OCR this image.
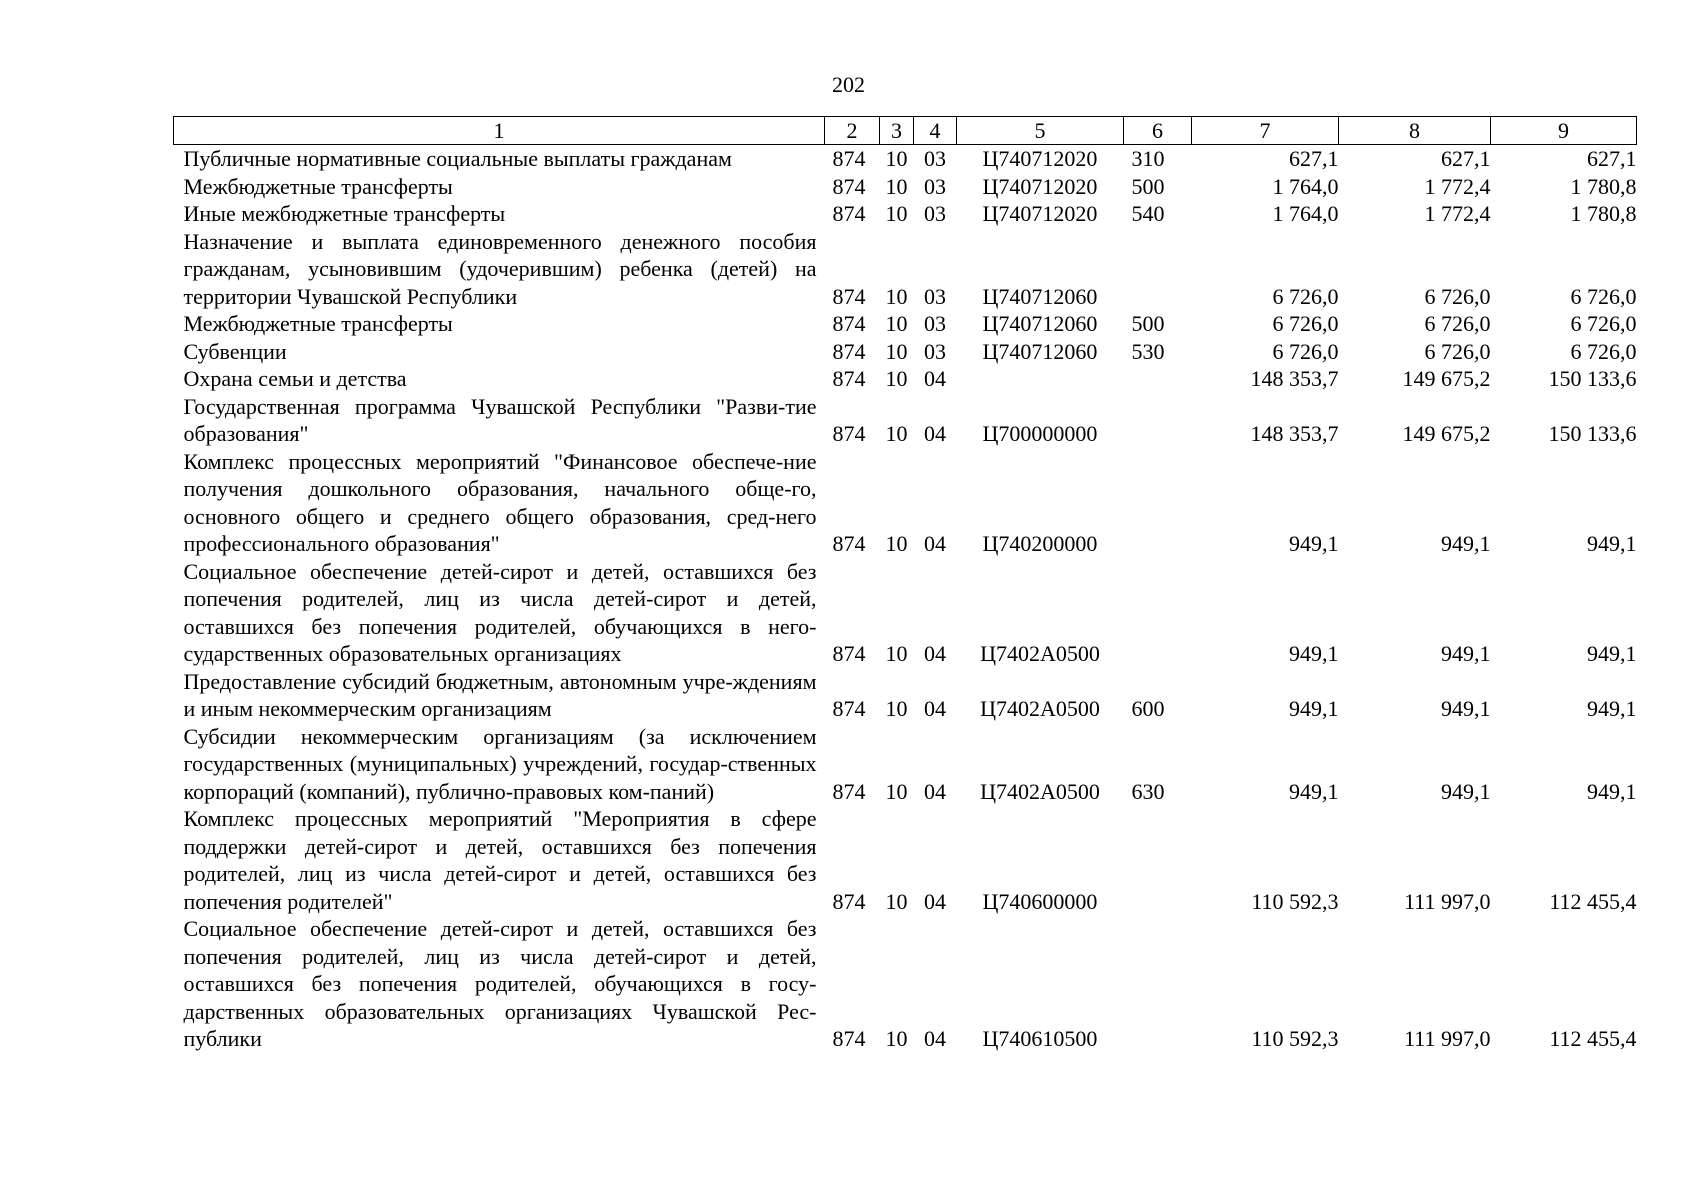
202
1	2	3	4	5	6	7	8	9
Публичные нормативные социальные выплаты гражданам	874	10	03	Ц740712020	310	627,1	627,1	627,1
Межбюджетные трансферты	874	10	03	Ц740712020	500	1 764,0	1 772,4	1 780,8
Иные межбюджетные трансферты	874	10	03	Ц740712020	540	1 764,0	1 772,4	1 780,8
Назначение и выплата единовременного денежного пособия гражданам, усыновившим (удочерившим) ребенка (детей) на территории Чувашской Республики	874	10	03	Ц740712060		6 726,0	6 726,0	6 726,0
Межбюджетные трансферты	874	10	03	Ц740712060	500	6 726,0	6 726,0	6 726,0
Субвенции	874	10	03	Ц740712060	530	6 726,0	6 726,0	6 726,0
Охрана семьи и детства	874	10	04			148 353,7	149 675,2	150 133,6
Государственная программа Чувашской Республики "Разви-тие образования"	874	10	04	Ц700000000		148 353,7	149 675,2	150 133,6
Комплекс процессных мероприятий "Финансовое обеспече-ние получения дошкольного образования, начального обще-го, основного общего и среднего общего образования, сред-него профессионального образования"	874	10	04	Ц740200000		949,1	949,1	949,1
Социальное обеспечение детей-сирот и детей, оставшихся без попечения родителей, лиц из числа детей-сирот и детей, оставшихся без попечения родителей, обучающихся в него-сударственных образовательных организациях	874	10	04	Ц7402А0500		949,1	949,1	949,1
Предоставление субсидий бюджетным, автономным учре-ждениям и иным некоммерческим организациям	874	10	04	Ц7402А0500	600	949,1	949,1	949,1
Субсидии некоммерческим организациям (за исключением государственных (муниципальных) учреждений, государ-ственных корпораций (компаний), публично-правовых ком-паний)	874	10	04	Ц7402А0500	630	949,1	949,1	949,1
Комплекс процессных мероприятий "Мероприятия в сфере поддержки детей-сирот и детей, оставшихся без попечения родителей, лиц из числа детей-сирот и детей, оставшихся без попечения родителей"	874	10	04	Ц740600000		110 592,3	111 997,0	112 455,4
Социальное обеспечение детей-сирот и детей, оставшихся без попечения родителей, лиц из числа детей-сирот и детей, оставшихся без попечения родителей, обучающихся в госу-дарственных образовательных организациях Чувашской Рес-публики	874	10	04	Ц740610500		110 592,3	111 997,0	112 455,4
